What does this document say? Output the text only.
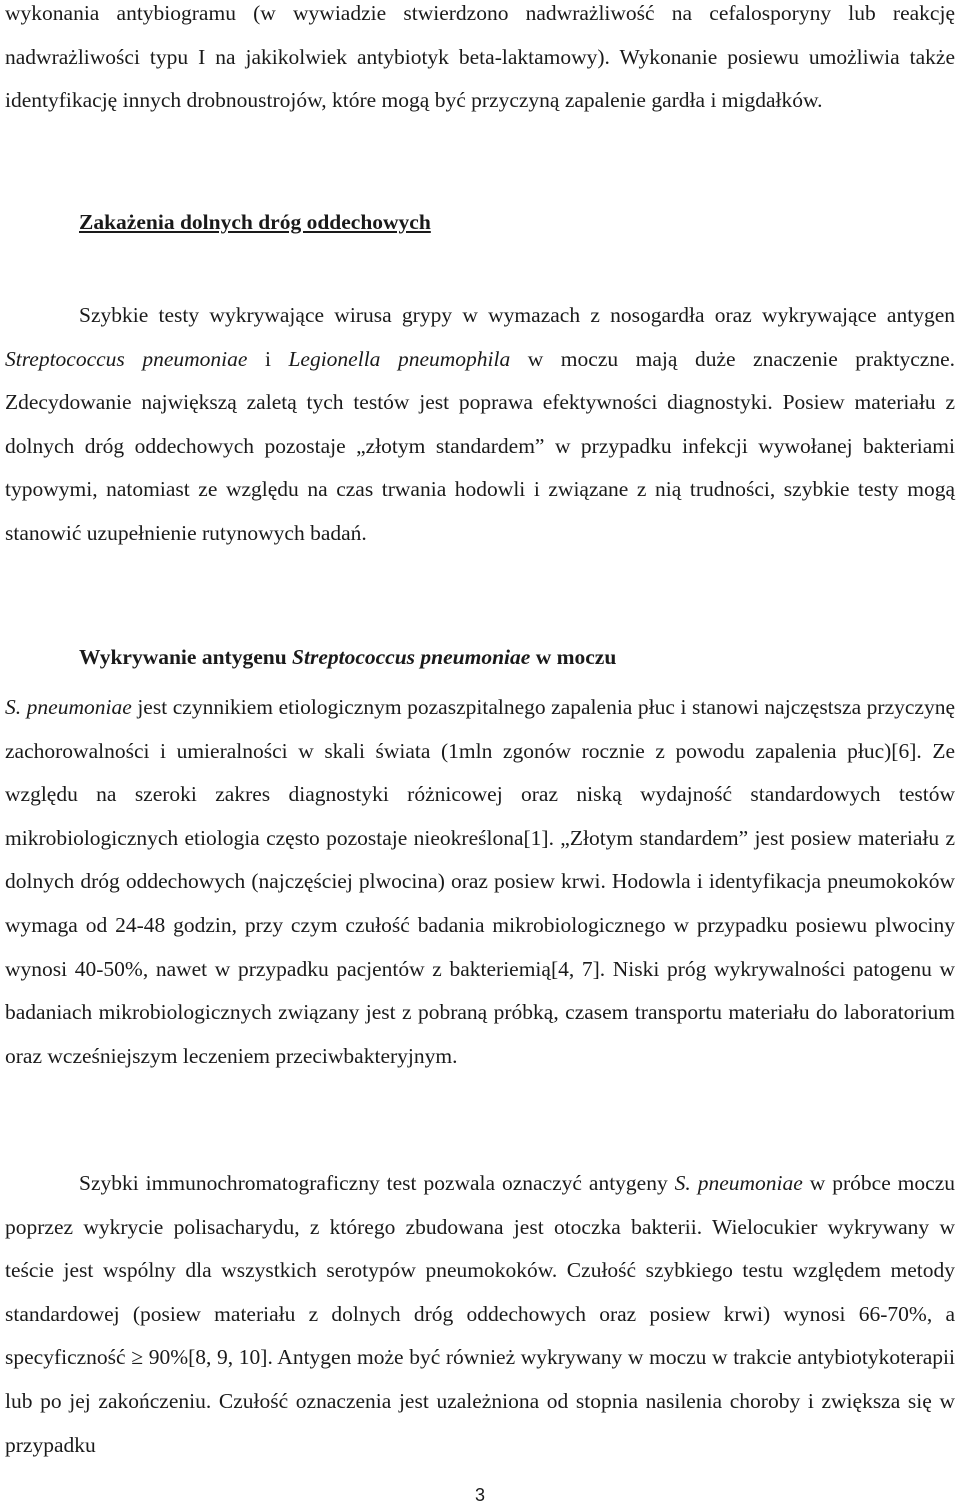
wykonania antybiogramu (w wywiadzie stwierdzono nadwrażliwość na cefalosporyny lub reakcję nadwrażliwości typu I na jakikolwiek antybiotyk beta-laktamowy). Wykonanie posiewu umożliwia także identyfikację innych drobnoustrojów, które mogą być przyczyną zapalenie gardła i migdałków.

Zakażenia dolnych dróg oddechowych

Szybkie testy wykrywające wirusa grypy w wymazach z nosogardła oraz wykrywające antygen Streptococcus pneumoniae i Legionella pneumophila w moczu mają duże znaczenie praktyczne. Zdecydowanie największą zaletą tych testów jest poprawa efektywności diagnostyki. Posiew materiału z dolnych dróg oddechowych pozostaje „złotym standardem” w przypadku infekcji wywołanej bakteriami typowymi, natomiast ze względu na czas trwania hodowli i związane z nią trudności, szybkie testy mogą stanowić uzupełnienie rutynowych badań.

Wykrywanie antygenu Streptococcus pneumoniae w moczu

S. pneumoniae jest czynnikiem etiologicznym pozaszpitalnego zapalenia płuc i stanowi najczęstsza przyczynę zachorowalności i umieralności w skali świata (1mln zgonów rocznie z powodu zapalenia płuc)[6]. Ze względu na szeroki zakres diagnostyki różnicowej oraz niską wydajność standardowych testów mikrobiologicznych etiologia często pozostaje nieokreślona[1]. „Złotym standardem” jest posiew materiału z dolnych dróg oddechowych (najczęściej plwocina) oraz posiew krwi. Hodowla i identyfikacja pneumokoków wymaga od 24-48 godzin, przy czym czułość badania mikrobiologicznego w przypadku posiewu plwociny wynosi 40-50%, nawet w przypadku pacjentów z bakteriemią[4, 7]. Niski próg wykrywalności patogenu w badaniach mikrobiologicznych związany jest z pobraną próbką, czasem transportu materiału do laboratorium oraz wcześniejszym leczeniem przeciwbakteryjnym.

Szybki immunochromatograficzny test pozwala oznaczyć antygeny S. pneumoniae w próbce moczu poprzez wykrycie polisacharydu, z którego zbudowana jest otoczka bakterii. Wielocukier wykrywany w teście jest wspólny dla wszystkich serotypów pneumokoków. Czułość szybkiego testu względem metody standardowej (posiew materiału z dolnych dróg oddechowych oraz posiew krwi) wynosi 66-70%, a specyficzność ≥ 90%[8, 9, 10]. Antygen może być również wykrywany w moczu w trakcie antybiotykoterapii lub po jej zakończeniu. Czułość oznaczenia jest uzależniona od stopnia nasilenia choroby i zwiększa się w przypadku

3
